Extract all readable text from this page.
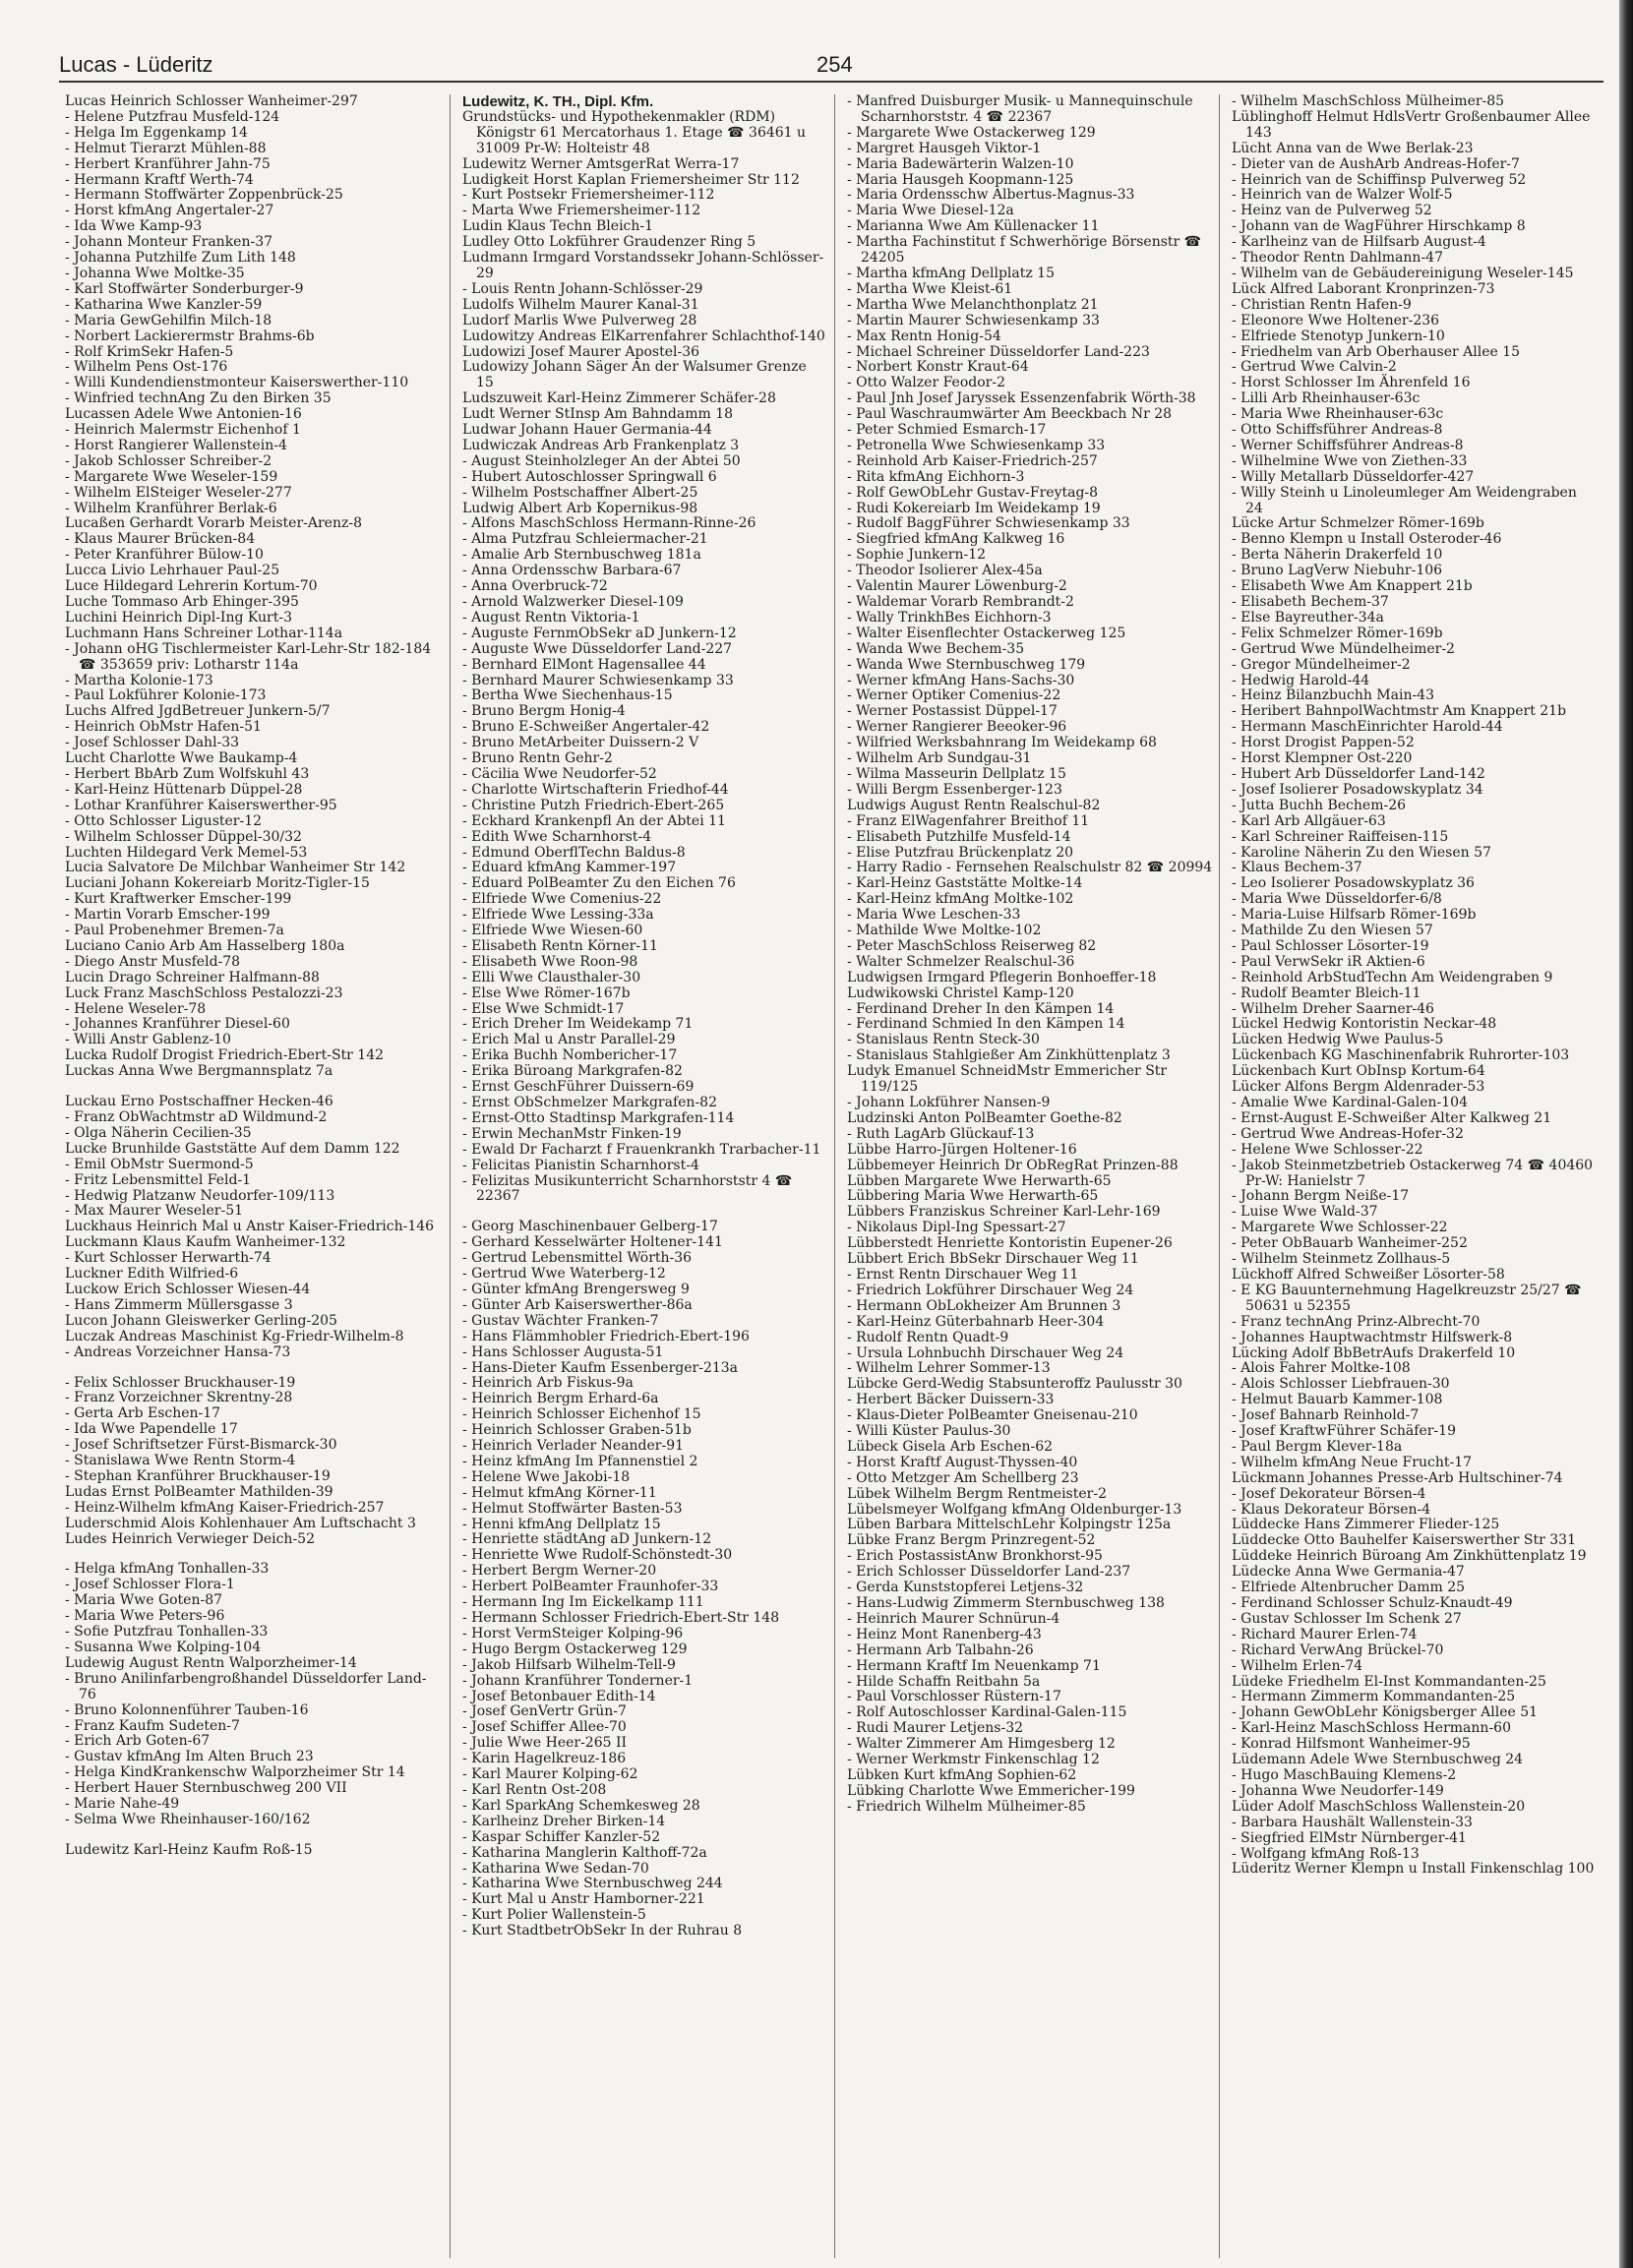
Lucas - Lüderitz	254

Lucas Heinrich Schlosser Wanheimer-297

- Helene Putzfrau Musfeld-124

- Helga Im Eggenkamp 14

- Helmut Tierarzt Mühlen-88

- Herbert Kranführer Jahn-75

- Hermann Kraftf Werth-74

- Hermann Stoffwärter Zoppenbrück-25

- Horst kfmAng Angertaler-27

- Ida Wwe Kamp-93

- Johann Monteur Franken-37

- Johanna Putzhilfe Zum Lith 148

- Johanna Wwe Moltke-35

- Karl Stoffwärter Sonderburger-9

- Katharina Wwe Kanzler-59

- Maria GewGehilfin Milch-18

- Norbert Lackierermstr Brahms-6b

- Rolf KrimSekr Hafen-5

- Wilhelm Pens Ost-176

- Willi Kundendienstmonteur Kaiserswerther-110

- Winfried technAng Zu den Birken 35

Lucassen Adele Wwe Antonien-16

- Heinrich Malermstr Eichenhof 1

- Horst Rangierer Wallenstein-4

- Jakob Schlosser Schreiber-2

- Margarete Wwe Weseler-159

- Wilhelm ElSteiger Weseler-277

- Wilhelm Kranführer Berlak-6

Lucaßen Gerhardt Vorarb Meister-Arenz-8

- Klaus Maurer Brücken-84

- Peter Kranführer Bülow-10

Lucca Livio Lehrhauer Paul-25

Luce Hildegard Lehrerin Kortum-70

Luche Tommaso Arb Ehinger-395

Luchini Heinrich Dipl-Ing Kurt-3

Luchmann Hans Schreiner Lothar-114a

- Johann oHG Tischlermeister Karl-Lehr-Str 182-184 ☎ 353659 priv: Lotharstr 114a

- Martha Kolonie-173

- Paul Lokführer Kolonie-173

Luchs Alfred JgdBetreuer Junkern-5/7

- Heinrich ObMstr Hafen-51

- Josef Schlosser Dahl-33

Lucht Charlotte Wwe Baukamp-4

- Herbert BbArb Zum Wolfskuhl 43

- Karl-Heinz Hüttenarb Düppel-28

- Lothar Kranführer Kaiserswerther-95

- Otto Schlosser Liguster-12

- Wilhelm Schlosser Düppel-30/32

Luchten Hildegard Verk Memel-53

Lucia Salvatore De Milchbar Wanheimer Str 142

Luciani Johann Kokereiarb Moritz-Tigler-15

- Kurt Kraftwerker Emscher-199

- Martin Vorarb Emscher-199

- Paul Probenehmer Bremen-7a

Luciano Canio Arb Am Hasselberg 180a

- Diego Anstr Musfeld-78

Lucin Drago Schreiner Halfmann-88

Luck Franz MaschSchloss Pestalozzi-23

- Helene Weseler-78

- Johannes Kranführer Diesel-60

- Willi Anstr Gablenz-10

Lucka Rudolf Drogist Friedrich-Ebert-Str 142

Luckas Anna Wwe Bergmannsplatz 7a

Luckau Erno Postschaffner Hecken-46

- Franz ObWachtmstr aD Wildmund-2

- Olga Näherin Cecilien-35

Lucke Brunhilde Gaststätte Auf dem Damm 122

- Emil ObMstr Suermond-5

- Fritz Lebensmittel Feld-1

- Hedwig Platzanw Neudorfer-109/113

- Max Maurer Weseler-51

Luckhaus Heinrich Mal u Anstr Kaiser-Friedrich-146

Luckmann Klaus Kaufm Wanheimer-132

- Kurt Schlosser Herwarth-74

Luckner Edith Wilfried-6

Luckow Erich Schlosser Wiesen-44

- Hans Zimmerm Müllersgasse 3

Lucon Johann Gleiswerker Gerling-205

Luczak Andreas Maschinist Kg-Friedr-Wilhelm-8

- Andreas Vorzeichner Hansa-73

- Felix Schlosser Bruckhauser-19

- Franz Vorzeichner Skrentny-28

- Gerta Arb Eschen-17

- Ida Wwe Papendelle 17

- Josef Schriftsetzer Fürst-Bismarck-30

- Stanislawa Wwe Rentn Storm-4

- Stephan Kranführer Bruckhauser-19

Ludas Ernst PolBeamter Mathilden-39

- Heinz-Wilhelm kfmAng Kaiser-Friedrich-257

Luderschmid Alois Kohlenhauer Am Luftschacht 3

Ludes Heinrich Verwieger Deich-52

- Helga kfmAng Tonhallen-33

- Josef Schlosser Flora-1

- Maria Wwe Goten-87

- Maria Wwe Peters-96

- Sofie Putzfrau Tonhallen-33

- Susanna Wwe Kolping-104

Ludewig August Rentn Walporzheimer-14

- Bruno Anilinfarbengroßhandel Düsseldorfer Land-76

- Bruno Kolonnenführer Tauben-16

- Franz Kaufm Sudeten-7

- Erich Arb Goten-67

- Gustav kfmAng Im Alten Bruch 23

- Helga KindKrankenschw Walporzheimer Str 14

- Herbert Hauer Sternbuschweg 200 VII

- Marie Nahe-49

- Selma Wwe Rheinhauser-160/162

Ludewitz Karl-Heinz Kaufm Roß-15

Ludewitz, K. TH., Dipl. Kfm.

Grundstücks- und Hypothekenmakler (RDM) Königstr 61 Mercatorhaus 1. Etage ☎ 36461 u 31009 Pr-W: Holteistr 48

Ludewitz Werner AmtsgerRat Werra-17

Ludigkeit Horst Kaplan Friemersheimer Str 112

- Kurt Postsekr Friemersheimer-112

- Marta Wwe Friemersheimer-112

Ludin Klaus Techn Bleich-1

Ludley Otto Lokführer Graudenzer Ring 5

Ludmann Irmgard Vorstandssekr Johann-Schlösser-29

- Louis Rentn Johann-Schlösser-29

Ludolfs Wilhelm Maurer Kanal-31

Ludorf Marlis Wwe Pulverweg 28

Ludowitzy Andreas ElKarrenfahrer Schlachthof-140

Ludowizi Josef Maurer Apostel-36

Ludowizy Johann Säger An der Walsumer Grenze 15

Ludszuweit Karl-Heinz Zimmerer Schäfer-28

Ludt Werner StInsp Am Bahndamm 18

Ludwar Johann Hauer Germania-44

Ludwiczak Andreas Arb Frankenplatz 3

- August Steinholzleger An der Abtei 50

- Hubert Autoschlosser Springwall 6

- Wilhelm Postschaffner Albert-25

Ludwig Albert Arb Kopernikus-98

- Alfons MaschSchloss Hermann-Rinne-26

- Alma Putzfrau Schleiermacher-21

- Amalie Arb Sternbuschweg 181a

- Anna Ordensschw Barbara-67

- Anna Overbruck-72

- Arnold Walzwerker Diesel-109

- August Rentn Viktoria-1

- Auguste FernmObSekr aD Junkern-12

- Auguste Wwe Düsseldorfer Land-227

- Bernhard ElMont Hagensallee 44

- Bernhard Maurer Schwiesenkamp 33

- Bertha Wwe Siechenhaus-15

- Bruno Bergm Honig-4

- Bruno E-Schweißer Angertaler-42

- Bruno MetArbeiter Duissern-2 V

- Bruno Rentn Gehr-2

- Cäcilia Wwe Neudorfer-52

- Charlotte Wirtschafterin Friedhof-44

- Christine Putzh Friedrich-Ebert-265

- Eckhard Krankenpfl An der Abtei 11

- Edith Wwe Scharnhorst-4

- Edmund OberflTechn Baldus-8

- Eduard kfmAng Kammer-197

- Eduard PolBeamter Zu den Eichen 76

- Elfriede Wwe Comenius-22

- Elfriede Wwe Lessing-33a

- Elfriede Wwe Wiesen-60

- Elisabeth Rentn Körner-11

- Elisabeth Wwe Roon-98

- Elli Wwe Clausthaler-30

- Else Wwe Römer-167b

- Else Wwe Schmidt-17

- Erich Dreher Im Weidekamp 71

- Erich Mal u Anstr Parallel-29

- Erika Buchh Nombericher-17

- Erika Büroang Markgrafen-82

- Ernst GeschFührer Duissern-69

- Ernst ObSchmelzer Markgrafen-82

- Ernst-Otto Stadtinsp Markgrafen-114

- Erwin MechanMstr Finken-19

- Ewald Dr Facharzt f Frauenkrankh Trarbacher-11

- Felicitas Pianistin Scharnhorst-4

- Felizitas Musikunterricht Scharnhorststr 4 ☎ 22367

- Georg Maschinenbauer Gelberg-17

- Gerhard Kesselwärter Holtener-141

- Gertrud Lebensmittel Wörth-36

- Gertrud Wwe Waterberg-12

- Günter kfmAng Brengersweg 9

- Günter Arb Kaiserswerther-86a

- Gustav Wächter Franken-7

- Hans Flämmhobler Friedrich-Ebert-196

- Hans Schlosser Augusta-51

- Hans-Dieter Kaufm Essenberger-213a

- Heinrich Arb Fiskus-9a

- Heinrich Bergm Erhard-6a

- Heinrich Schlosser Eichenhof 15

- Heinrich Schlosser Graben-51b

- Heinrich Verlader Neander-91

- Heinz kfmAng Im Pfannenstiel 2

- Helene Wwe Jakobi-18

- Helmut kfmAng Körner-11

- Helmut Stoffwärter Basten-53

- Henni kfmAng Dellplatz 15

- Henriette städtAng aD Junkern-12

- Henriette Wwe Rudolf-Schönstedt-30

- Herbert Bergm Werner-20

- Herbert PolBeamter Fraunhofer-33

- Hermann Ing Im Eickelkamp 111

- Hermann Schlosser Friedrich-Ebert-Str 148

- Horst VermSteiger Kolping-96

- Hugo Bergm Ostackerweg 129

- Jakob Hilfsarb Wilhelm-Tell-9

- Johann Kranführer Tonderner-1

- Josef Betonbauer Edith-14

- Josef GenVertr Grün-7

- Josef Schiffer Allee-70

- Julie Wwe Heer-265 II

- Karin Hagelkreuz-186

- Karl Maurer Kolping-62

- Karl Rentn Ost-208

- Karl SparkAng Schemkesweg 28

- Karlheinz Dreher Birken-14

- Kaspar Schiffer Kanzler-52

- Katharina Manglerin Kalthoff-72a

- Katharina Wwe Sedan-70

- Katharina Wwe Sternbuschweg 244

- Kurt Mal u Anstr Hamborner-221

- Kurt Polier Wallenstein-5

- Kurt StadtbetrObSekr In der Ruhrau 8

- Manfred Duisburger Musik- u Mannequinschule Scharnhorststr. 4 ☎ 22367

- Margarete Wwe Ostackerweg 129

- Margret Hausgeh Viktor-1

- Maria Badewärterin Walzen-10

- Maria Hausgeh Koopmann-125

- Maria Ordensschw Albertus-Magnus-33

- Maria Wwe Diesel-12a

- Marianna Wwe Am Küllenacker 11

- Martha Fachinstitut f Schwerhörige Börsenstr ☎ 24205

- Martha kfmAng Dellplatz 15

- Martha Wwe Kleist-61

- Martha Wwe Melanchthonplatz 21

- Martin Maurer Schwiesenkamp 33

- Max Rentn Honig-54

- Michael Schreiner Düsseldorfer Land-223

- Norbert Konstr Kraut-64

- Otto Walzer Feodor-2

- Paul Jnh Josef Jaryssek Essenzenfabrik Wörth-38

- Paul Waschraumwärter Am Beeckbach Nr 28

- Peter Schmied Esmarch-17

- Petronella Wwe Schwiesenkamp 33

- Reinhold Arb Kaiser-Friedrich-257

- Rita kfmAng Eichhorn-3

- Rolf GewObLehr Gustav-Freytag-8

- Rudi Kokereiarb Im Weidekamp 19

- Rudolf BaggFührer Schwiesenkamp 33

- Siegfried kfmAng Kalkweg 16

- Sophie Junkern-12

- Theodor Isolierer Alex-45a

- Valentin Maurer Löwenburg-2

- Waldemar Vorarb Rembrandt-2

- Wally TrinkhBes Eichhorn-3

- Walter Eisenflechter Ostackerweg 125

- Wanda Wwe Bechem-35

- Wanda Wwe Sternbuschweg 179

- Werner kfmAng Hans-Sachs-30

- Werner Optiker Comenius-22

- Werner Postassist Düppel-17

- Werner Rangierer Beeoker-96

- Wilfried Werksbahnrang Im Weidekamp 68

- Wilhelm Arb Sundgau-31

- Wilma Masseurin Dellplatz 15

- Willi Bergm Essenberger-123

Ludwigs August Rentn Realschul-82

- Franz ElWagenfahrer Breithof 11

- Elisabeth Putzhilfe Musfeld-14

- Elise Putzfrau Brückenplatz 20

- Harry Radio - Fernsehen Realschulstr 82 ☎ 20994

- Karl-Heinz Gaststätte Moltke-14

- Karl-Heinz kfmAng Moltke-102

- Maria Wwe Leschen-33

- Mathilde Wwe Moltke-102

- Peter MaschSchloss Reiserweg 82

- Walter Schmelzer Realschul-36

Ludwigsen Irmgard Pflegerin Bonhoeffer-18

Ludwikowski Christel Kamp-120

- Ferdinand Dreher In den Kämpen 14

- Ferdinand Schmied In den Kämpen 14

- Stanislaus Rentn Steck-30

- Stanislaus Stahlgießer Am Zinkhüttenplatz 3

Ludyk Emanuel SchneidMstr Emmericher Str 119/125

- Johann Lokführer Nansen-9

Ludzinski Anton PolBeamter Goethe-82

- Ruth LagArb Glückauf-13

Lübbe Harro-Jürgen Holtener-16

Lübbemeyer Heinrich Dr ObRegRat Prinzen-88

Lübben Margarete Wwe Herwarth-65

Lübbering Maria Wwe Herwarth-65

Lübbers Franziskus Schreiner Karl-Lehr-169

- Nikolaus Dipl-Ing Spessart-27

Lübberstedt Henriette Kontoristin Eupener-26

Lübbert Erich BbSekr Dirschauer Weg 11

- Ernst Rentn Dirschauer Weg 11

- Friedrich Lokführer Dirschauer Weg 24

- Hermann ObLokheizer Am Brunnen 3

- Karl-Heinz Güterbahnarb Heer-304

- Rudolf Rentn Quadt-9

- Ursula Lohnbuchh Dirschauer Weg 24

- Wilhelm Lehrer Sommer-13

Lübcke Gerd-Wedig Stabsunteroffz Paulusstr 30

- Herbert Bäcker Duissern-33

- Klaus-Dieter PolBeamter Gneisenau-210

- Willi Küster Paulus-30

Lübeck Gisela Arb Eschen-62

- Horst Kraftf August-Thyssen-40

- Otto Metzger Am Schellberg 23

Lübek Wilhelm Bergm Rentmeister-2

Lübelsmeyer Wolfgang kfmAng Oldenburger-13

Lüben Barbara MittelschLehr Kolpingstr 125a

Lübke Franz Bergm Prinzregent-52

- Erich PostassistAnw Bronkhorst-95

- Erich Schlosser Düsseldorfer Land-237

- Gerda Kunststopferei Letjens-32

- Hans-Ludwig Zimmerm Sternbuschweg 138

- Heinrich Maurer Schnürun-4

- Heinz Mont Ranenberg-43

- Hermann Arb Talbahn-26

- Hermann Kraftf Im Neuenkamp 71

- Hilde Schaffn Reitbahn 5a

- Paul Vorschlosser Rüstern-17

- Rolf Autoschlosser Kardinal-Galen-115

- Rudi Maurer Letjens-32

- Walter Zimmerer Am Himgesberg 12

- Werner Werkmstr Finkenschlag 12

Lübken Kurt kfmAng Sophien-62

Lübking Charlotte Wwe Emmericher-199

- Friedrich Wilhelm Mülheimer-85

- Wilhelm MaschSchloss Mülheimer-85

Lüblinghoff Helmut HdlsVertr Großenbaumer Allee 143

Lücht Anna van de Wwe Berlak-23

- Dieter van de AushArb Andreas-Hofer-7

- Heinrich van de Schiffinsp Pulverweg 52

- Heinrich van de Walzer Wolf-5

- Heinz van de Pulverweg 52

- Johann van de WagFührer Hirschkamp 8

- Karlheinz van de Hilfsarb August-4

- Theodor Rentn Dahlmann-47

- Wilhelm van de Gebäudereinigung Weseler-145

Lück Alfred Laborant Kronprinzen-73

- Christian Rentn Hafen-9

- Eleonore Wwe Holtener-236

- Elfriede Stenotyp Junkern-10

- Friedhelm van Arb Oberhauser Allee 15

- Gertrud Wwe Calvin-2

- Horst Schlosser Im Ährenfeld 16

- Lilli Arb Rheinhauser-63c

- Maria Wwe Rheinhauser-63c

- Otto Schiffsführer Andreas-8

- Werner Schiffsführer Andreas-8

- Wilhelmine Wwe von Ziethen-33

- Willy Metallarb Düsseldorfer-427

- Willy Steinh u Linoleumleger Am Weidengraben 24

Lücke Artur Schmelzer Römer-169b

- Benno Klempn u Install Osteroder-46

- Berta Näherin Drakerfeld 10

- Bruno LagVerw Niebuhr-106

- Elisabeth Wwe Am Knappert 21b

- Elisabeth Bechem-37

- Else Bayreuther-34a

- Felix Schmelzer Römer-169b

- Gertrud Wwe Mündelheimer-2

- Gregor Mündelheimer-2

- Hedwig Harold-44

- Heinz Bilanzbuchh Main-43

- Heribert BahnpolWachtmstr Am Knappert 21b

- Hermann MaschEinrichter Harold-44

- Horst Drogist Pappen-52

- Horst Klempner Ost-220

- Hubert Arb Düsseldorfer Land-142

- Josef Isolierer Posadowskyplatz 34

- Jutta Buchh Bechem-26

- Karl Arb Allgäuer-63

- Karl Schreiner Raiffeisen-115

- Karoline Näherin Zu den Wiesen 57

- Klaus Bechem-37

- Leo Isolierer Posadowskyplatz 36

- Maria Wwe Düsseldorfer-6/8

- Maria-Luise Hilfsarb Römer-169b

- Mathilde Zu den Wiesen 57

- Paul Schlosser Lösorter-19

- Paul VerwSekr iR Aktien-6

- Reinhold ArbStudTechn Am Weidengraben 9

- Rudolf Beamter Bleich-11

- Wilhelm Dreher Saarner-46

Lückel Hedwig Kontoristin Neckar-48

Lücken Hedwig Wwe Paulus-5

Lückenbach KG Maschinenfabrik Ruhrorter-103

Lückenbach Kurt ObInsp Kortum-64

Lücker Alfons Bergm Aldenrader-53

- Amalie Wwe Kardinal-Galen-104

- Ernst-August E-Schweißer Alter Kalkweg 21

- Gertrud Wwe Andreas-Hofer-32

- Helene Wwe Schlosser-22

- Jakob Steinmetzbetrieb Ostackerweg 74 ☎ 40460 Pr-W: Hanielstr 7

- Johann Bergm Neiße-17

- Luise Wwe Wald-37

- Margarete Wwe Schlosser-22

- Peter ObBauarb Wanheimer-252

- Wilhelm Steinmetz Zollhaus-5

Lückhoff Alfred Schweißer Lösorter-58

- E KG Bauunternehmung Hagelkreuzstr 25/27 ☎ 50631 u 52355

- Franz technAng Prinz-Albrecht-70

- Johannes Hauptwachtmstr Hilfswerk-8

Lücking Adolf BbBetrAufs Drakerfeld 10

- Alois Fahrer Moltke-108

- Alois Schlosser Liebfrauen-30

- Helmut Bauarb Kammer-108

- Josef Bahnarb Reinhold-7

- Josef KraftwFührer Schäfer-19

- Paul Bergm Klever-18a

- Wilhelm kfmAng Neue Frucht-17

Lückmann Johannes Presse-Arb Hultschiner-74

- Josef Dekorateur Börsen-4

- Klaus Dekorateur Börsen-4

Lüddecke Hans Zimmerer Flieder-125

Lüddecke Otto Bauhelfer Kaiserswerther Str 331

Lüddeke Heinrich Büroang Am Zinkhüttenplatz 19

Lüdecke Anna Wwe Germania-47

- Elfriede Altenbrucher Damm 25

- Ferdinand Schlosser Schulz-Knaudt-49

- Gustav Schlosser Im Schenk 27

- Richard Maurer Erlen-74

- Richard VerwAng Brückel-70

- Wilhelm Erlen-74

Lüdeke Friedhelm El-Inst Kommandanten-25

- Hermann Zimmerm Kommandanten-25

- Johann GewObLehr Königsberger Allee 51

- Karl-Heinz MaschSchloss Hermann-60

- Konrad Hilfsmont Wanheimer-95

Lüdemann Adele Wwe Sternbuschweg 24

- Hugo MaschBauing Klemens-2

- Johanna Wwe Neudorfer-149

Lüder Adolf MaschSchloss Wallenstein-20

- Barbara Haushält Wallenstein-33

- Siegfried ElMstr Nürnberger-41

- Wolfgang kfmAng Roß-13

Lüderitz Werner Klempn u Install Finkenschlag 100
